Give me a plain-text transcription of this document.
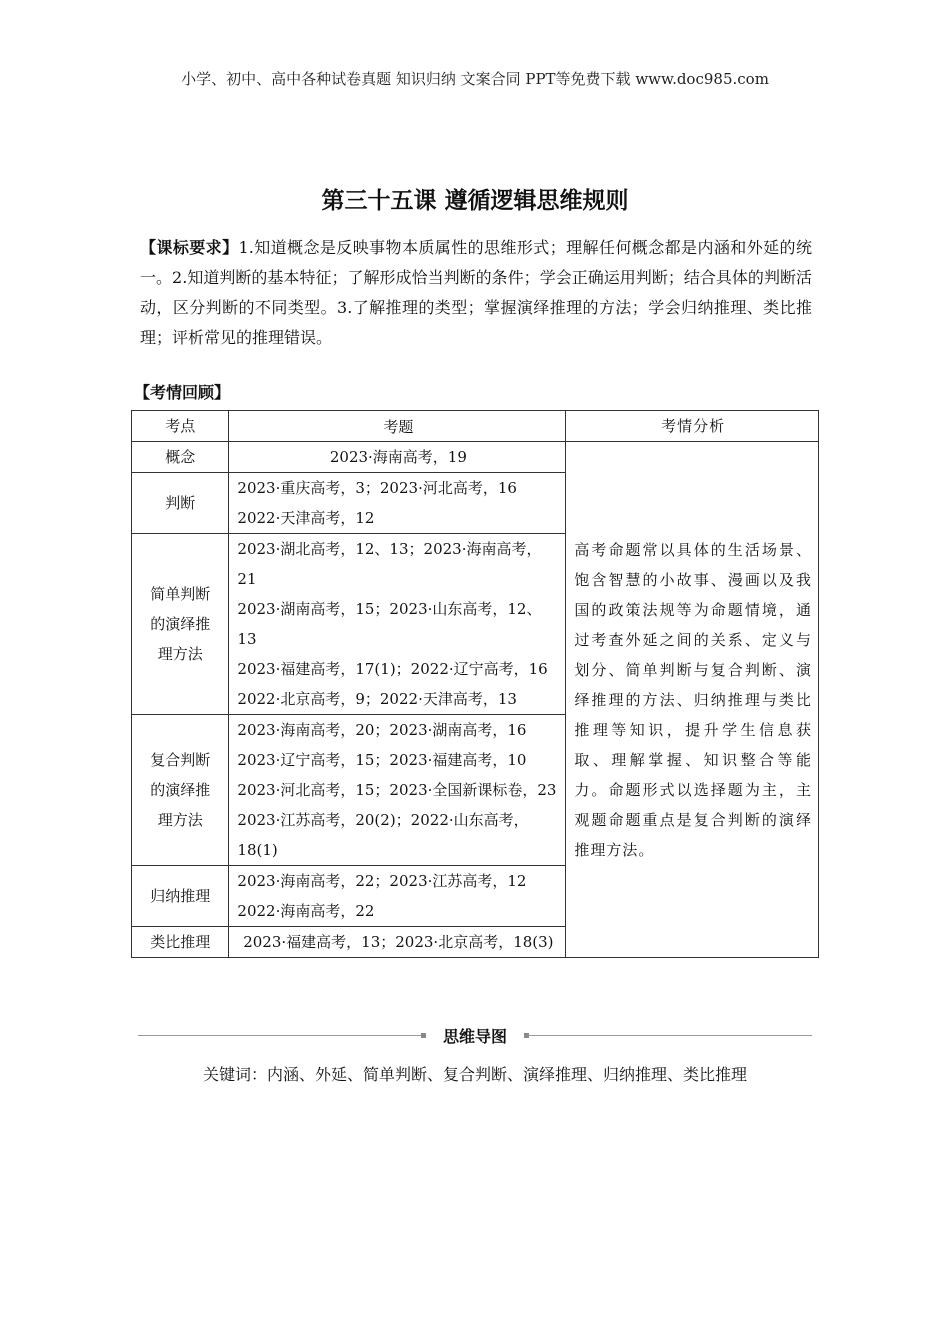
小学、初中、高中各种试卷真题 知识归纳 文案合同 PPT等免费下载 www.doc985.com
第三十五课 遵循逻辑思维规则
【课标要求】1.知道概念是反映事物本质属性的思维形式；理解任何概念都是内涵和外延的统一。2.知道判断的基本特征；了解形成恰当判断的条件；学会正确运用判断；结合具体的判断活动，区分判断的不同类型。3.了解推理的类型；掌握演绎推理的方法；学会归纳推理、类比推理；评析常见的推理错误。
【考情回顾】
考点	考题	考情分析
概念	2023·海南高考，19	高考命题常以具体的生活场景、饱含智慧的小故事、漫画以及我国的政策法规等为命题情境，通过考查外延之间的关系、定义与划分、简单判断与复合判断、演绎推理的方法、归纳推理与类比推理等知识，提升学生信息获取、理解掌握、知识整合等能力。命题形式以选择题为主，主观题命题重点是复合判断的演绎推理方法。
判断	2023·重庆高考，3；2023·河北高考，16
2022·天津高考，12	

简单判断的演绎推理方法	2023·湖北高考，12、13；2023·海南高考，21
2023·湖南高考，15；2023·山东高考，12、13
2023·福建高考，17(1)；2022·辽宁高考，16
2022·北京高考，9；2022·天津高考，13	

复合判断的演绎推理方法	2023·海南高考，20；2023·湖南高考，16
2023·辽宁高考，15；2023·福建高考，10
2023·河北高考，15；2023·全国新课标卷，23
2023·江苏高考，20(2)；2022·山东高考，18(1)	

归纳推理	2023·海南高考，22；2023·江苏高考，12
2022·海南高考，22	

类比推理	2023·福建高考，13；2023·北京高考，18(3)	
思维导图
关键词：内涵、外延、简单判断、复合判断、演绎推理、归纳推理、类比推理
